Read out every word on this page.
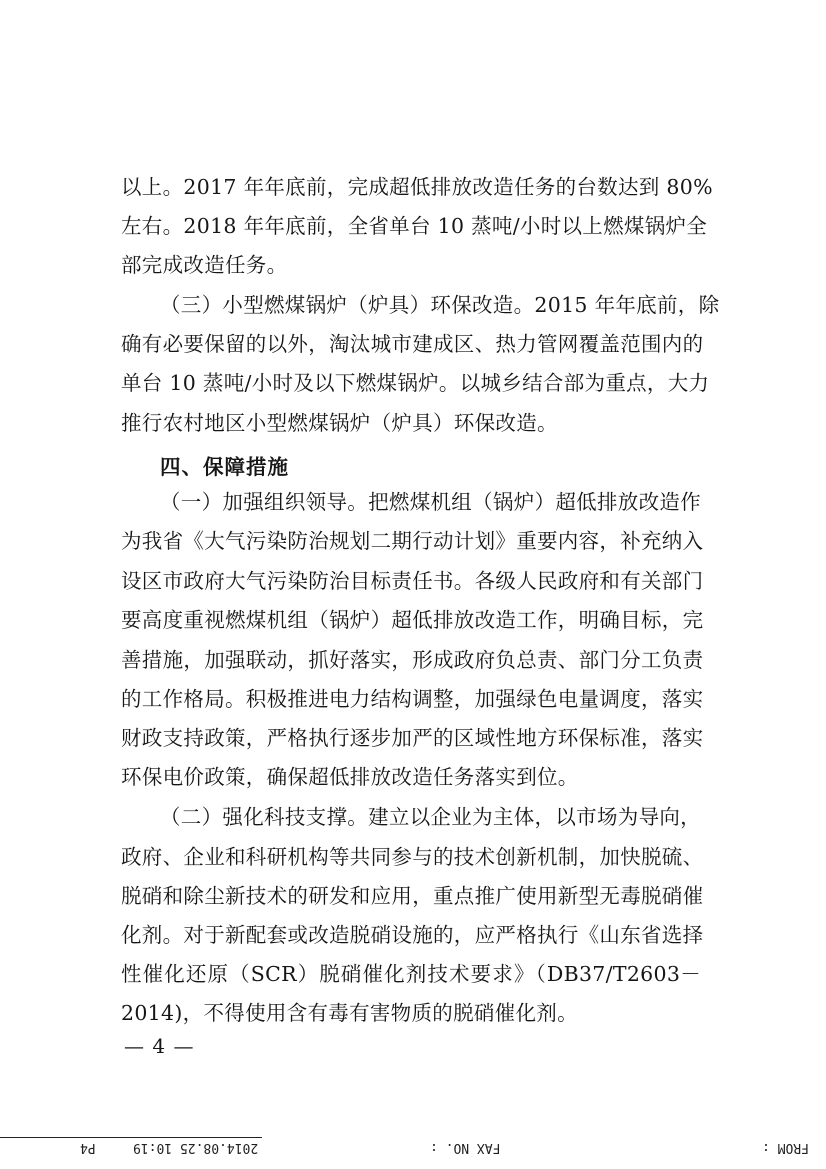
以上。2017 年年底前，完成超低排放改造任务的台数达到 80%
左右。2018 年年底前，全省单台 10 蒸吨/小时以上燃煤锅炉全
部完成改造任务。
（三）小型燃煤锅炉（炉具）环保改造。2015 年年底前，除
确有必要保留的以外，淘汰城市建成区、热力管网覆盖范围内的
单台 10 蒸吨/小时及以下燃煤锅炉。以城乡结合部为重点，大力
推行农村地区小型燃煤锅炉（炉具）环保改造。
四、保障措施
（一）加强组织领导。把燃煤机组（锅炉）超低排放改造作
为我省《大气污染防治规划二期行动计划》重要内容，补充纳入
设区市政府大气污染防治目标责任书。各级人民政府和有关部门
要高度重视燃煤机组（锅炉）超低排放改造工作，明确目标，完
善措施，加强联动，抓好落实，形成政府负总责、部门分工负责
的工作格局。积极推进电力结构调整，加强绿色电量调度，落实
财政支持政策，严格执行逐步加严的区域性地方环保标准，落实
环保电价政策，确保超低排放改造任务落实到位。
（二）强化科技支撑。建立以企业为主体，以市场为导向，
政府、企业和科研机构等共同参与的技术创新机制，加快脱硫、
脱硝和除尘新技术的研发和应用，重点推广使用新型无毒脱硝催
化剂。对于新配套或改造脱硝设施的，应严格执行《山东省选择
性催化还原（SCR）脱硝催化剂技术要求》（DB37/T2603－
2014)，不得使用含有毒有害物质的脱硝催化剂。
— 4 —
FROM :
FAX NO. :
2014.08.25 10:19
P4
